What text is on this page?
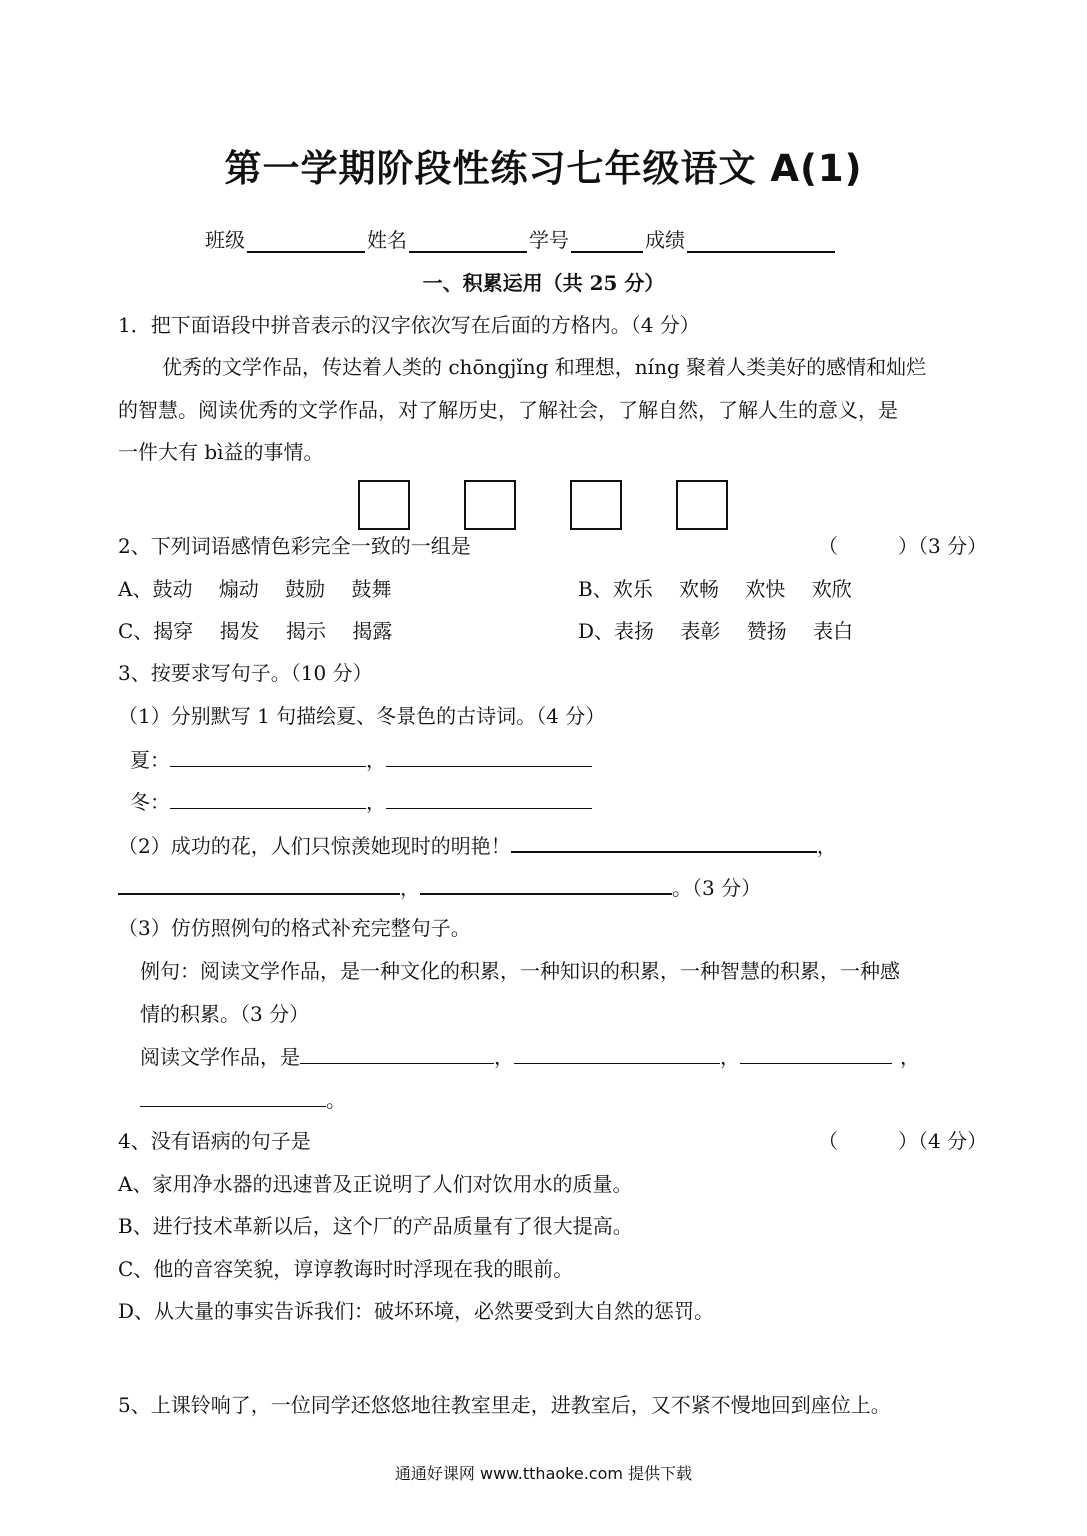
第一学期阶段性练习七年级语文 A(1)
班级	姓名	学号	成绩
一、积累运用（共 25 分）
1．把下面语段中拼音表示的汉字依次写在后面的方格内。（4 分）
优秀的文学作品，传达着人类的 chōngjǐng 和理想，níng 聚着人类美好的感情和灿烂
的智慧。阅读优秀的文学作品，对了解历史，了解社会，了解自然，了解人生的意义，是
一件大有 bì益的事情。
2、下列词语感情色彩完全一致的一组是	（　　　）（3 分）
A、鼓动　 煽动　 鼓励　 鼓舞	B、欢乐　 欢畅　 欢快　 欢欣
C、揭穿　 揭发　 揭示　 揭露	D、表扬　 表彰　 赞扬　 表白
3、按要求写句子。（10 分）
（1）分别默写 1 句描绘夏、冬景色的古诗词。（4 分）
夏：	，
冬：	，
（2）成功的花，人们只惊羡她现时的明艳！	，
，	。（3 分）
（3）仿仿照例句的格式补充完整句子。
例句：阅读文学作品，是一种文化的积累，一种知识的积累，一种智慧的积累，一种感
情的积累。（3 分）
阅读文学作品，是	，	，	，
。
4、没有语病的句子是	（　　　）（4 分）
A、家用净水器的迅速普及正说明了人们对饮用水的质量。
B、进行技术革新以后，这个厂的产品质量有了很大提高。
C、他的音容笑貌，谆谆教诲时时浮现在我的眼前。
D、从大量的事实告诉我们：破坏环境，必然要受到大自然的惩罚。
5、上课铃响了，一位同学还悠悠地往教室里走，进教室后，又不紧不慢地回到座位上。
通通好课网 www.tthaoke.com 提供下载
